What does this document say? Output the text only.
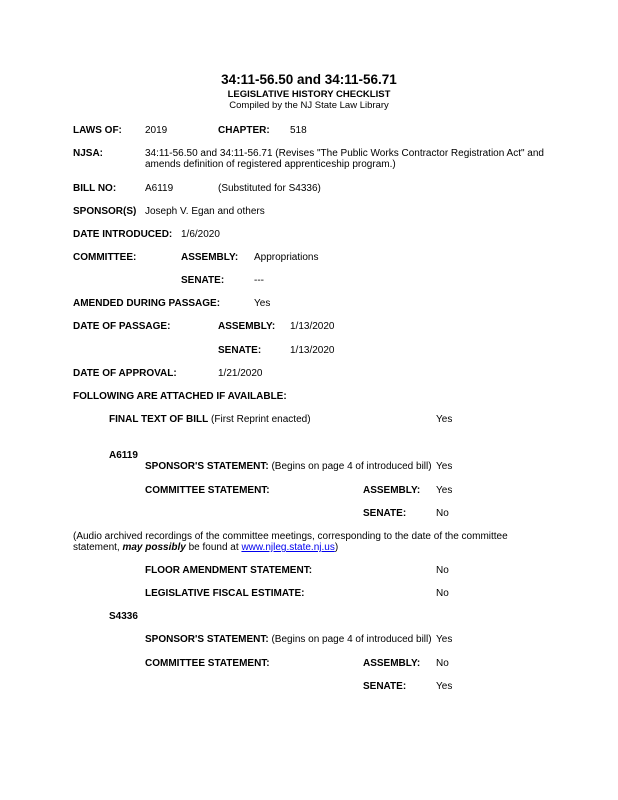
34:11-56.50 and 34:11-56.71
LEGISLATIVE HISTORY CHECKLIST
Compiled by the NJ State Law Library
LAWS OF: 2019	CHAPTER: 518
NJSA:	34:11-56.50 and 34:11-56.71 (Revises "The Public Works Contractor Registration Act" and
amends definition of registered apprenticeship program.)
BILL NO:	A6119	(Substituted for S4336)
SPONSOR(S) Joseph V. Egan and others
DATE INTRODUCED: 1/6/2020
COMMITTEE:	ASSEMBLY: Appropriations
SENATE:	---
AMENDED DURING PASSAGE:	Yes
DATE OF PASSAGE:	ASSEMBLY: 1/13/2020
SENATE:	1/13/2020
DATE OF APPROVAL:	1/21/2020
FOLLOWING ARE ATTACHED IF AVAILABLE:
FINAL TEXT OF BILL (First Reprint enacted)	Yes
A6119
SPONSOR'S STATEMENT: (Begins on page 4 of introduced bill) Yes
COMMITTEE STATEMENT:	ASSEMBLY: Yes
SENATE:	No
(Audio archived recordings of the committee meetings, corresponding to the date of the committee
statement, may possibly be found at www.njleg.state.nj.us)
FLOOR AMENDMENT STATEMENT:	No
LEGISLATIVE FISCAL ESTIMATE:	No
S4336
SPONSOR'S STATEMENT: (Begins on page 4 of introduced bill) Yes
COMMITTEE STATEMENT:	ASSEMBLY: No
SENATE:	Yes
